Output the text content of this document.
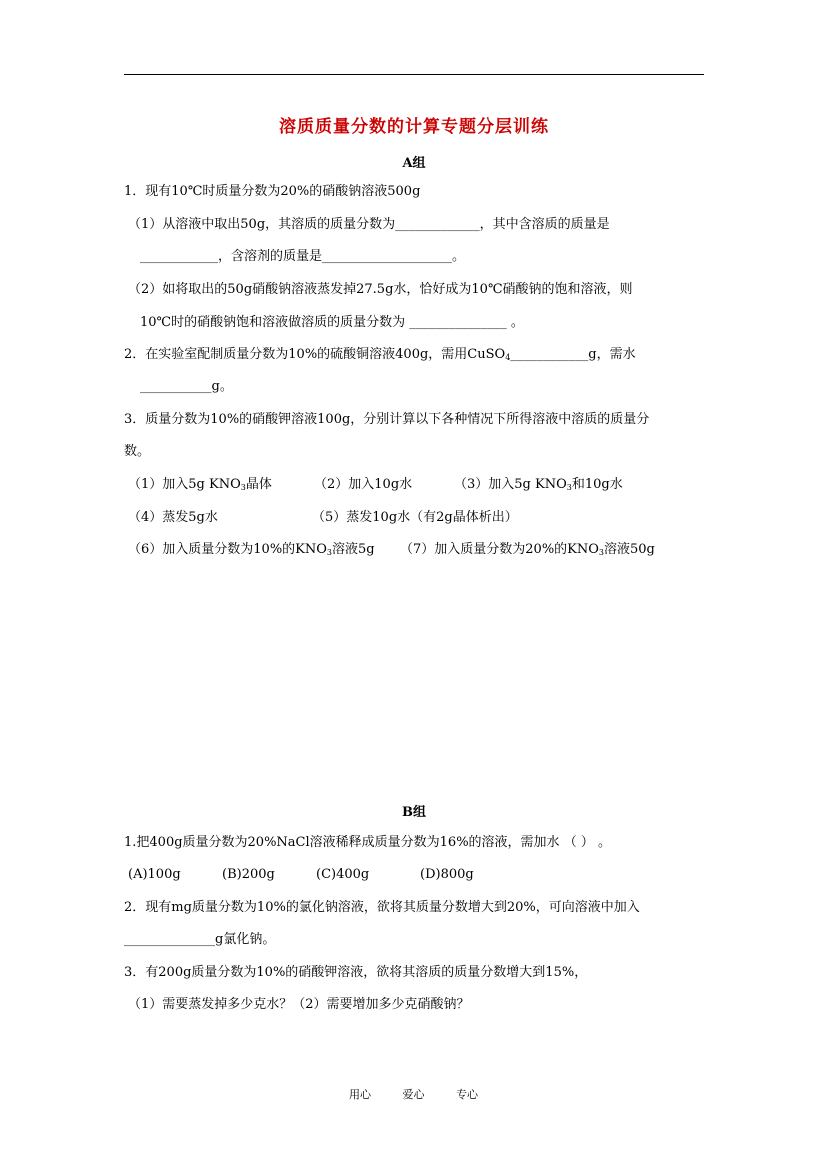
溶质质量分数的计算专题分层训练
A组
1．现有10℃时质量分数为20%的硝酸钠溶液500g
（1）从溶液中取出50g，其溶质的质量分数为_____________，其中含溶质的质量是
____________，含溶剂的质量是____________________。
（2）如将取出的50g硝酸钠溶液蒸发掉27.5g水，恰好成为10℃硝酸钠的饱和溶液，则
10℃时的硝酸钠饱和溶液做溶质的质量分数为 _______________ 。
2．在实验室配制质量分数为10%的硫酸铜溶液400g，需用CuSO$_4$____________g，需水
___________g。
3．质量分数为10%的硝酸钾溶液100g，分别计算以下各种情况下所得溶液中溶质的质量分
数。
（1）加入5g $KNO_3$晶体	（2）加入10g水	（3）加入5g $KNO_3$和10g水
（4）蒸发5g水	（5）蒸发10g水（有2g晶体析出）
（6）加入质量分数为10%的$KNO_3$溶液5g （7）加入质量分数为20%的$KNO_3$溶液50g
B组
1.把400g质量分数为20%NaCl溶液稀释成质量分数为16%的溶液，需加水 （ ） 。
(A)100g	(B)200g	(C)400g	(D)800g
2．现有mg质量分数为10%的氯化钠溶液，欲将其质量分数增大到20%，可向溶液中加入
______________g氯化钠。
3．有200g质量分数为10%的硝酸钾溶液，欲将其溶质的质量分数增大到15%，
（1）需要蒸发掉多少克水？（2）需要增加多少克硝酸钠？
用心	爱心	专心
